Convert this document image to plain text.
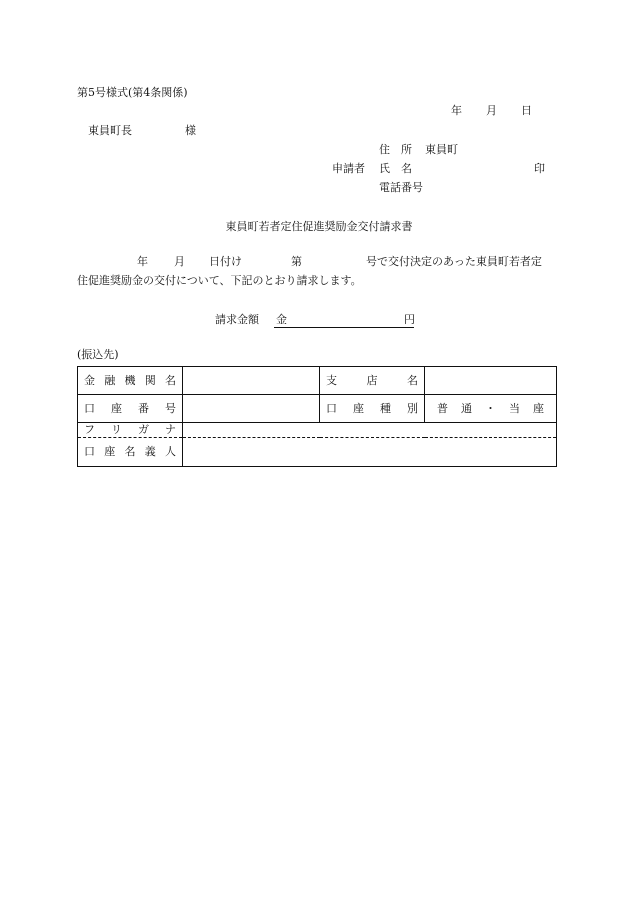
第5号様式(第4条関係)
年 月 日
東員町長	様
住　所 東員町
申請者 氏　名	印
電話番号
東員町若者定住促進奨励金交付請求書
年 月 日付け	第	号で交付決定のあった東員町若者定
住促進奨励金の交付について、下記のとおり請求します。
請求金額 金	円
(振込先)
金 融 機 関 名		支 店 名	

口 座 番 号		口 座 種 別	普 通 ・ 当 座

フ リ ガ ナ			

口 座 名 義 人			
